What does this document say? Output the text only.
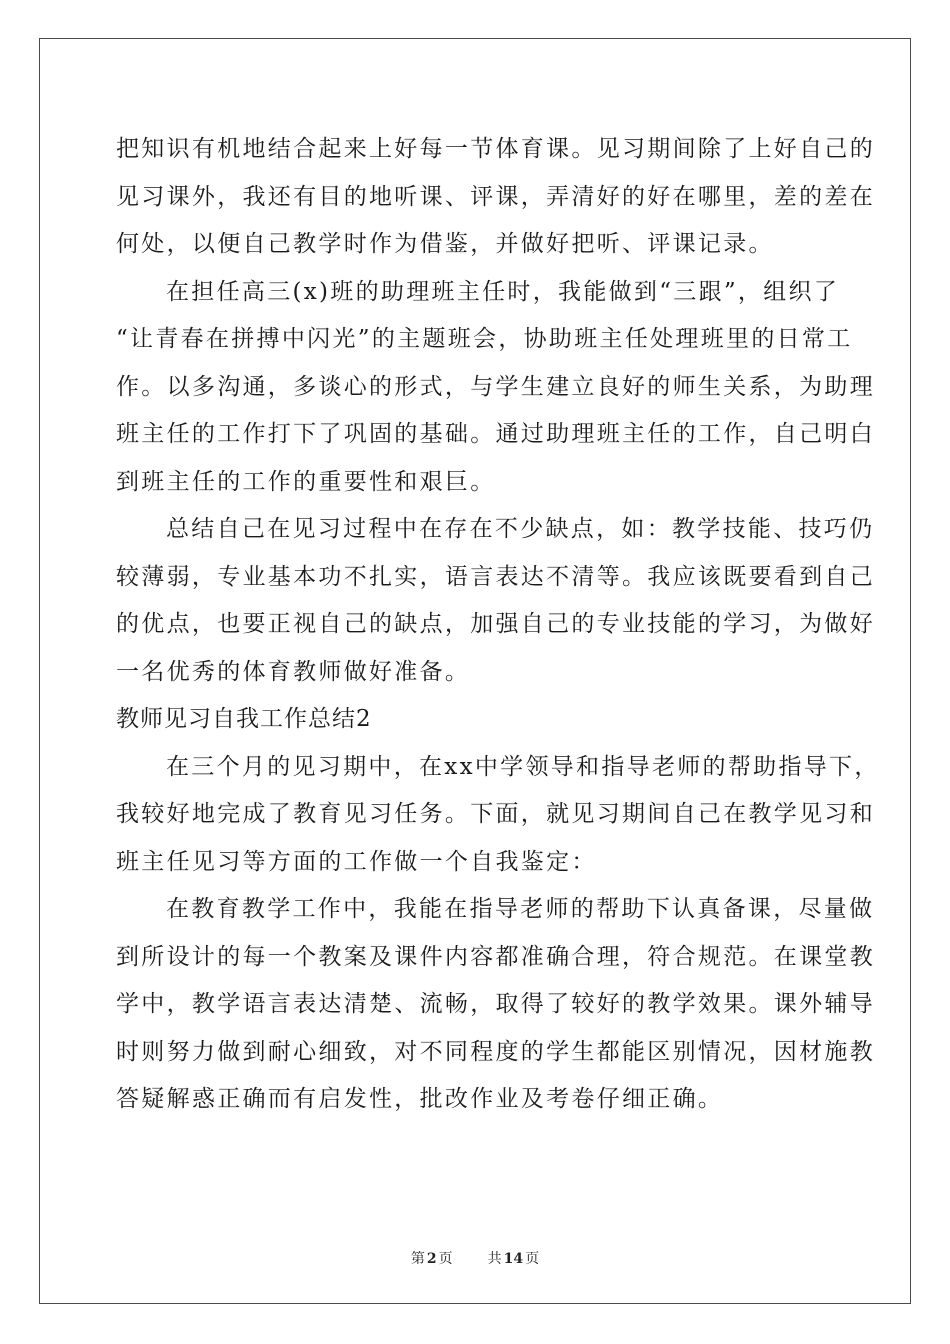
把知识有机地结合起来上好每一节体育课。见习期间除了上好自己的
见习课外，我还有目的地听课、评课，弄清好的好在哪里，差的差在
何处，以便自己教学时作为借鉴，并做好把听、评课记录。
在担任高三(x)班的助理班主任时，我能做到“三跟”，组织了
“让青春在拼搏中闪光”的主题班会，协助班主任处理班里的日常工
作。以多沟通，多谈心的形式，与学生建立良好的师生关系，为助理
班主任的工作打下了巩固的基础。通过助理班主任的工作，自己明白
到班主任的工作的重要性和艰巨。
总结自己在见习过程中在存在不少缺点，如：教学技能、技巧仍
较薄弱，专业基本功不扎实，语言表达不清等。我应该既要看到自己
的优点，也要正视自己的缺点，加强自己的专业技能的学习，为做好
一名优秀的体育教师做好准备。
教师见习自我工作总结2
在三个月的见习期中，在xx中学领导和指导老师的帮助指导下，
我较好地完成了教育见习任务。下面，就见习期间自己在教学见习和
班主任见习等方面的工作做一个自我鉴定：
在教育教学工作中，我能在指导老师的帮助下认真备课，尽量做
到所设计的每一个教案及课件内容都准确合理，符合规范。在课堂教
学中，教学语言表达清楚、流畅，取得了较好的教学效果。课外辅导
时则努力做到耐心细致，对不同程度的学生都能区别情况，因材施教
答疑解惑正确而有启发性，批改作业及考卷仔细正确。
第 2 页 共 14 页
